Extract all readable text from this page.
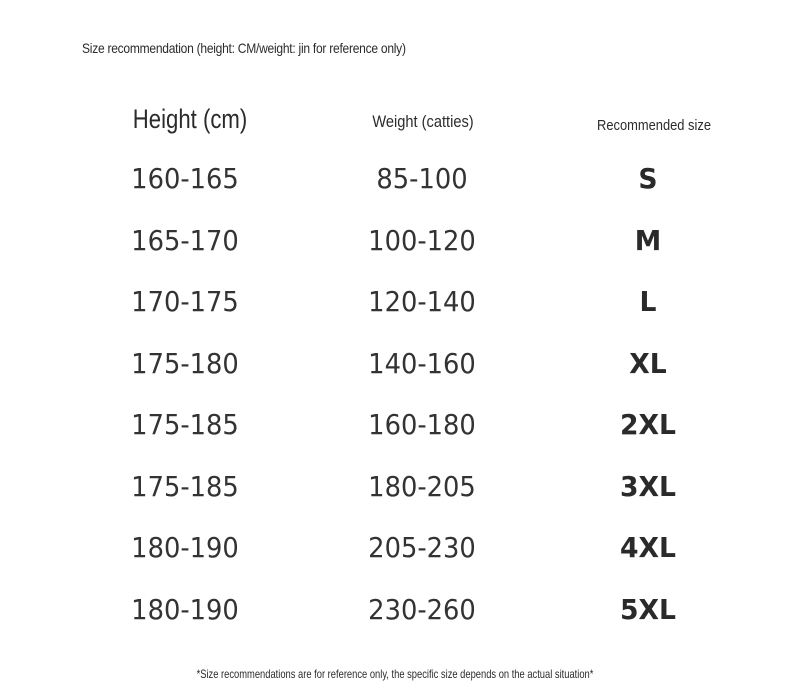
Size recommendation (height: CM/weight: jin for reference only)
Height (cm)	Weight (catties)	Recommended size
160-165	85-100	S
165-170	100-120	M
170-175	120-140	L
175-180	140-160	XL
175-185	160-180	2XL
175-185	180-205	3XL
180-190	205-230	4XL
180-190	230-260	5XL
*Size recommendations are for reference only, the specific size depends on the actual situation*
